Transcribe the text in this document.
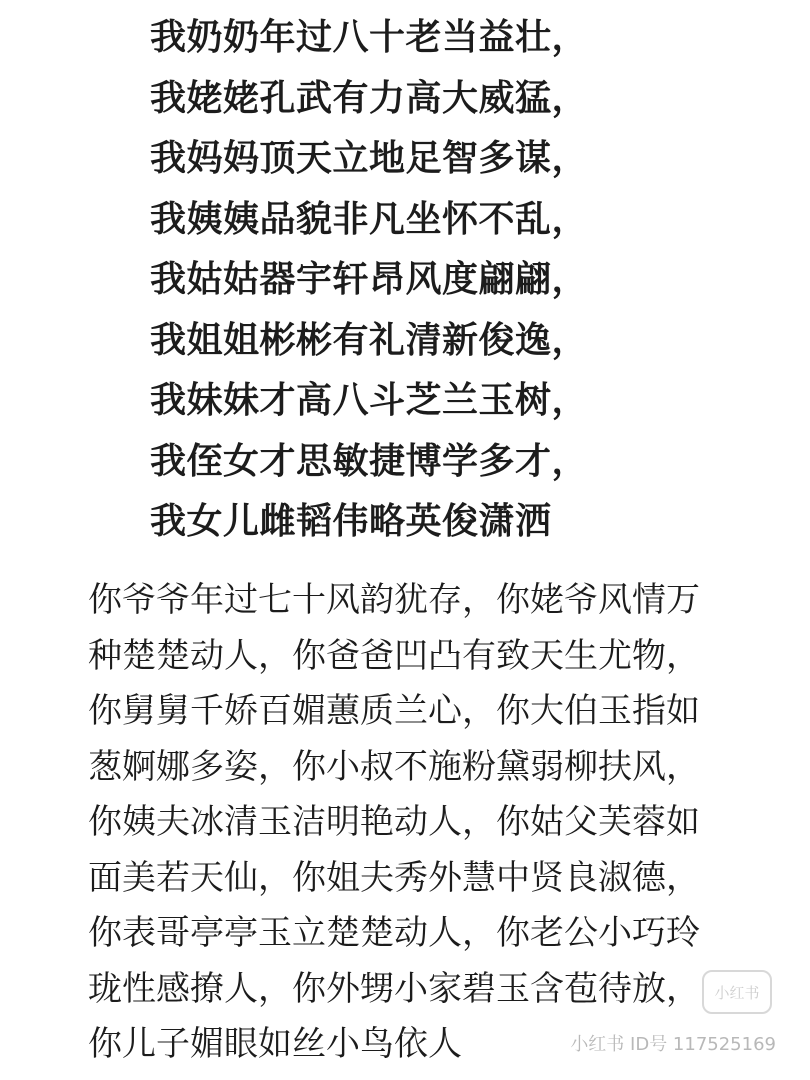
我奶奶年过八十老当益壮，
我姥姥孔武有力高大威猛，
我妈妈顶天立地足智多谋，
我姨姨品貌非凡坐怀不乱，
我姑姑器宇轩昂风度翩翩，
我姐姐彬彬有礼清新俊逸，
我妹妹才高八斗芝兰玉树，
我侄女才思敏捷博学多才，
我女儿雌韬伟略英俊潇洒
你爷爷年过七十风韵犹存，你姥爷风情万
种楚楚动人，你爸爸凹凸有致天生尤物，
你舅舅千娇百媚蕙质兰心，你大伯玉指如
葱婀娜多姿，你小叔不施粉黛弱柳扶风，
你姨夫冰清玉洁明艳动人，你姑父芙蓉如
面美若天仙，你姐夫秀外慧中贤良淑德，
你表哥亭亭玉立楚楚动人，你老公小巧玲
珑性感撩人，你外甥小家碧玉含苞待放，
你儿子媚眼如丝小鸟依人
小红书
小红书 ID号 117525169
